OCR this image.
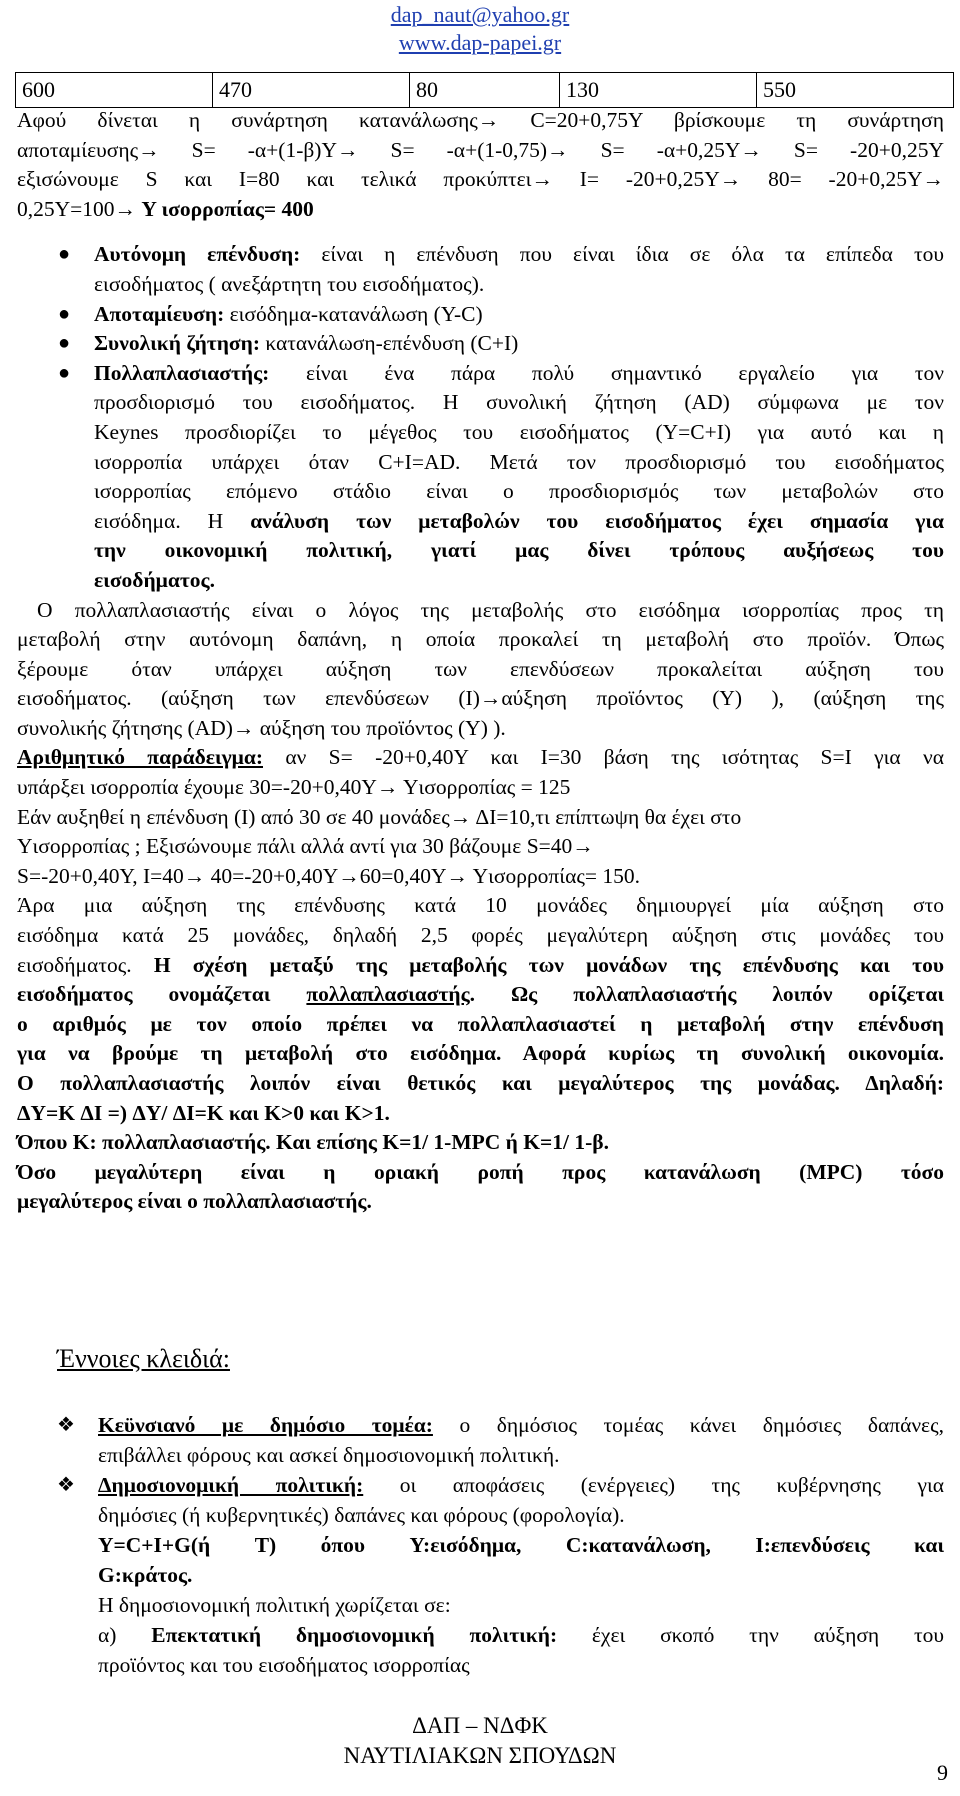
dap_naut@yahoo.gr
www.dap-papei.gr
600	470	80	130	550
Αφού δίνεται η συνάρτηση κατανάλωσης→ C=20+0,75Y βρίσκουμε τη συνάρτηση
αποταμίευσης→ S= -α+(1-β)Y→ S= -α+(1-0,75)→ S= -α+0,25Y→ S= -20+0,25Y
εξισώνουμε S και I=80 και τελικά προκύπτει→ I= -20+0,25Y→ 80= -20+0,25Y→
0,25Y=100→ Y ισορροπίας= 400
● Αυτόνομη επένδυση: είναι η επένδυση που είναι ίδια σε όλα τα επίπεδα του
εισοδήματος ( ανεξάρτητη του εισοδήματος).
● Αποταμίευση: εισόδημα-κατανάλωση (Y-C)
● Συνολική ζήτηση: κατανάλωση-επένδυση (C+I)
● Πολλαπλασιαστής: είναι ένα πάρα πολύ σημαντικό εργαλείο για τον
προσδιορισμό του εισοδήματος. Η συνολική ζήτηση (AD) σύμφωνα με τον
Keynes προσδιορίζει το μέγεθος του εισοδήματος (Y=C+I) για αυτό και η
ισορροπία υπάρχει όταν C+I=AD. Μετά τον προσδιορισμό του εισοδήματος
ισορροπίας επόμενο στάδιο είναι ο προσδιορισμός των μεταβολών στο
εισόδημα. Η ανάλυση των μεταβολών του εισοδήματος έχει σημασία για
την οικονομική πολιτική, γιατί μας δίνει τρόπους αυξήσεως του
εισοδήματος.
Ο πολλαπλασιαστής είναι ο λόγος της μεταβολής στο εισόδημα ισορροπίας προς τη
μεταβολή στην αυτόνομη δαπάνη, η οποία προκαλεί τη μεταβολή στο προϊόν. Όπως
ξέρουμε όταν υπάρχει αύξηση των επενδύσεων προκαλείται αύξηση του
εισοδήματος. (αύξηση των επενδύσεων (I)→αύξηση προϊόντος (Y) ), (αύξηση της
συνολικής ζήτησης (AD)→ αύξηση του προϊόντος (Y) ).
Αριθμητικό παράδειγμα: αν S= -20+0,40Y και I=30 βάση της ισότητας S=I για να
υπάρξει ισορροπία έχουμε 30=-20+0,40Y→ Yισορροπίας = 125
Εάν αυξηθεί η επένδυση (I) από 30 σε 40 μονάδες→ ΔI=10,τι επίπτωψη θα έχει στο
Yισορροπίας ; Εξισώνουμε πάλι αλλά αντί για 30 βάζουμε S=40→
S=-20+0,40Y, I=40→ 40=-20+0,40Y→60=0,40Y→ Yισορροπίας= 150.
Άρα μια αύξηση της επένδυσης κατά 10 μονάδες δημιουργεί μία αύξηση στο
εισόδημα κατά 25 μονάδες, δηλαδή 2,5 φορές μεγαλύτερη αύξηση στις μονάδες του
εισοδήματος. Η σχέση μεταξύ της μεταβολής των μονάδων της επένδυσης και του
εισοδήματος ονομάζεται πολλαπλασιαστής. Ως πολλαπλασιαστής λοιπόν ορίζεται
ο αριθμός με τον οποίο πρέπει να πολλαπλασιαστεί η μεταβολή στην επένδυση
για να βρούμε τη μεταβολή στο εισόδημα. Αφορά κυρίως τη συνολική οικονομία.
Ο πολλαπλασιαστής λοιπόν είναι θετικός και μεγαλύτερος της μονάδας. Δηλαδή:
ΔY=K ΔI =) ΔY/ ΔI=K και K>0 και K>1.
Όπου K: πολλαπλασιαστής. Και επίσης K=1/ 1-MPC ή K=1/ 1-β.
Όσο μεγαλύτερη είναι η οριακή ροπή προς κατανάλωση (MPC) τόσο
μεγαλύτερος είναι ο πολλαπλασιαστής.
Έννοιες κλειδιά:
❖ Κεϋνσιανό με δημόσιο τομέα: ο δημόσιος τομέας κάνει δημόσιες δαπάνες,
επιβάλλει φόρους και ασκεί δημοσιονομική πολιτική.
❖ Δημοσιονομική πολιτική: οι αποφάσεις (ενέργειες) της κυβέρνησης για
δημόσιες (ή κυβερνητικές) δαπάνες και φόρους (φορολογία).
Y=C+I+G(ή T) όπου Y:εισόδημα, C:κατανάλωση, I:επενδύσεις και
G:κράτος.
Η δημοσιονομική πολιτική χωρίζεται σε:
α) Επεκτατική δημοσιονομική πολιτική: έχει σκοπό την αύξηση του
προϊόντος και του εισοδήματος ισορροπίας
ΔΑΠ – ΝΔΦΚ
ΝΑΥΤΙΛΙΑΚΩΝ ΣΠΟΥΔΩΝ
9
